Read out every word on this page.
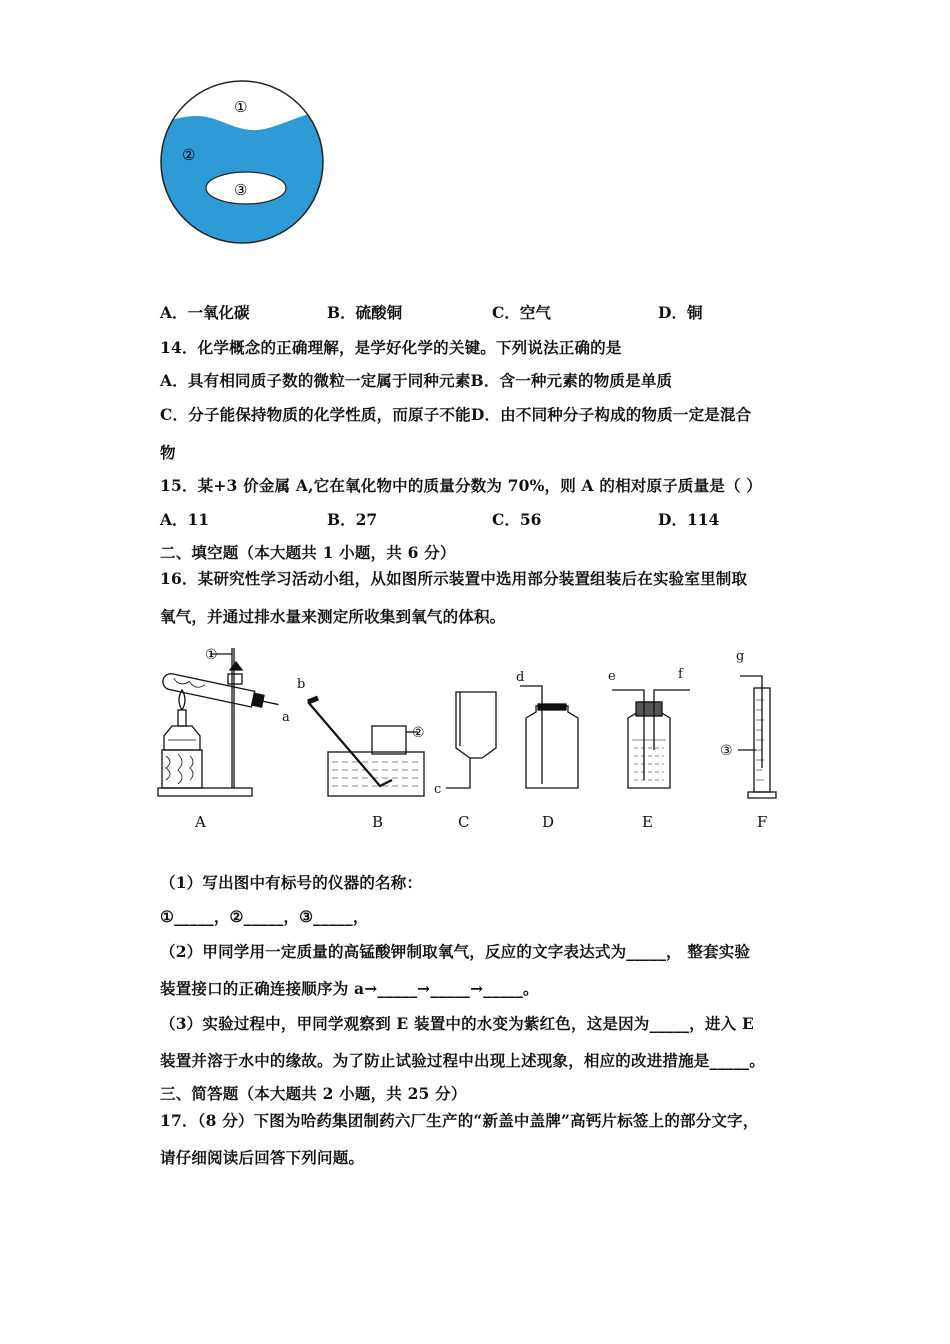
①
②
③
A．一氧化碳	B．硫酸铜	C．空气	D．铜
14．化学概念的正确理解，是学好化学的关键。下列说法正确的是
A．具有相同质子数的微粒一定属于同种元素B．含一种元素的物质是单质
C．分子能保持物质的化学性质，而原子不能D．由不同种分子构成的物质一定是混合
物
15．某+3 价金属 A,它在氧化物中的质量分数为 70%，则 A 的相对原子质量是（ ）
A．11	B．27	C．56	D．114
二、填空题（本大题共 1 小题，共 6 分）
16．某研究性学习活动小组，从如图所示装置中选用部分装置组装后在实验室里制取
氧气，并通过排水量来测定所收集到氧气的体积。
①
a
A
②
b
B
c
C
d
D
e	f
E
g
③
F
（1）写出图中有标号的仪器的名称：
①_____，②_____，③_____，
（2）甲同学用一定质量的高锰酸钾制取氧气，反应的文字表达式为_____， 整套实验
装置接口的正确连接顺序为 a→_____→_____→_____。
（3）实验过程中，甲同学观察到 E 装置中的水变为紫红色，这是因为_____，进入 E
装置并溶于水中的缘故。为了防止试验过程中出现上述现象，相应的改进措施是_____。
三、简答题（本大题共 2 小题，共 25 分）
17．（8 分）下图为哈药集团制药六厂生产的“新盖中盖牌”高钙片标签上的部分文字，
请仔细阅读后回答下列问题。
